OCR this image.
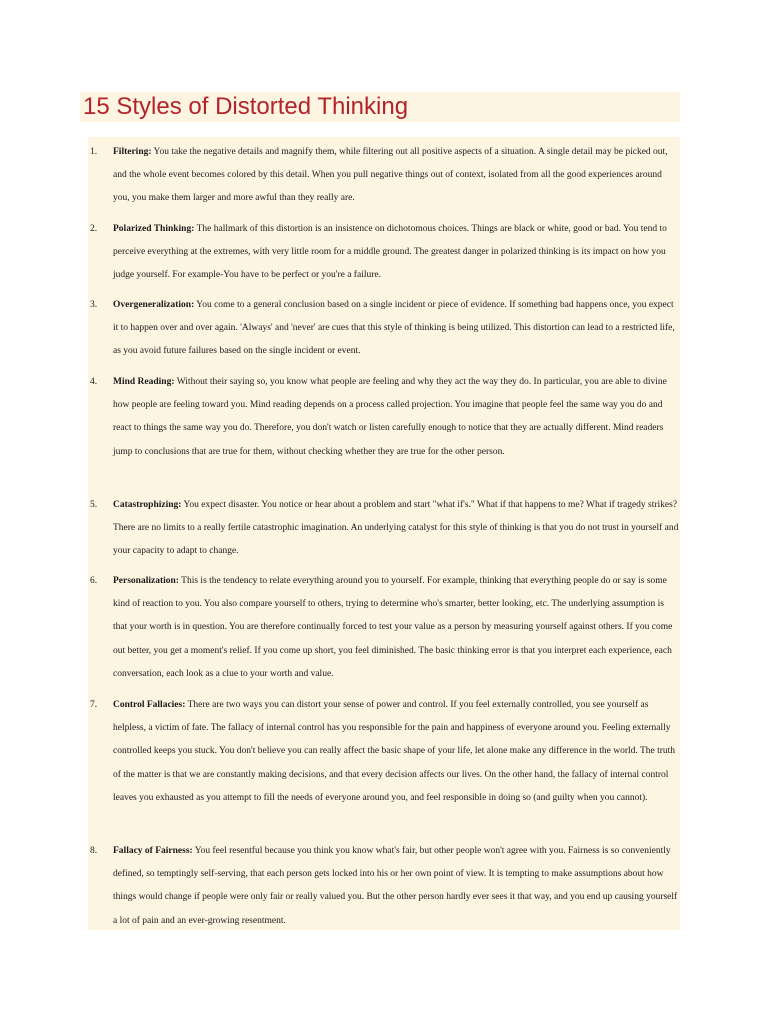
15 Styles of Distorted Thinking
1. Filtering: You take the negative details and magnify them, while filtering out all positive aspects of a situation. A single detail may be picked out, and the whole event becomes colored by this detail. When you pull negative things out of context, isolated from all the good experiences around you, you make them larger and more awful than they really are.
2. Polarized Thinking: The hallmark of this distortion is an insistence on dichotomous choices. Things are black or white, good or bad. You tend to perceive everything at the extremes, with very little room for a middle ground. The greatest danger in polarized thinking is its impact on how you judge yourself. For example-You have to be perfect or you're a failure.
3. Overgeneralization: You come to a general conclusion based on a single incident or piece of evidence. If something bad happens once, you expect it to happen over and over again. 'Always' and 'never' are cues that this style of thinking is being utilized. This distortion can lead to a restricted life, as you avoid future failures based on the single incident or event.
4. Mind Reading: Without their saying so, you know what people are feeling and why they act the way they do. In particular, you are able to divine how people are feeling toward you. Mind reading depends on a process called projection. You imagine that people feel the same way you do and react to things the same way you do. Therefore, you don't watch or listen carefully enough to notice that they are actually different. Mind readers jump to conclusions that are true for them, without checking whether they are true for the other person.
5. Catastrophizing: You expect disaster. You notice or hear about a problem and start "what if's." What if that happens to me? What if tragedy strikes? There are no limits to a really fertile catastrophic imagination. An underlying catalyst for this style of thinking is that you do not trust in yourself and your capacity to adapt to change.
6. Personalization: This is the tendency to relate everything around you to yourself. For example, thinking that everything people do or say is some kind of reaction to you. You also compare yourself to others, trying to determine who's smarter, better looking, etc. The underlying assumption is that your worth is in question. You are therefore continually forced to test your value as a person by measuring yourself against others. If you come out better, you get a moment's relief. If you come up short, you feel diminished. The basic thinking error is that you interpret each experience, each conversation, each look as a clue to your worth and value.
7. Control Fallacies: There are two ways you can distort your sense of power and control. If you feel externally controlled, you see yourself as helpless, a victim of fate. The fallacy of internal control has you responsible for the pain and happiness of everyone around you. Feeling externally controlled keeps you stuck. You don't believe you can really affect the basic shape of your life, let alone make any difference in the world. The truth of the matter is that we are constantly making decisions, and that every decision affects our lives. On the other hand, the fallacy of internal control leaves you exhausted as you attempt to fill the needs of everyone around you, and feel responsible in doing so (and guilty when you cannot).
8. Fallacy of Fairness: You feel resentful because you think you know what's fair, but other people won't agree with you. Fairness is so conveniently defined, so temptingly self-serving, that each person gets locked into his or her own point of view. It is tempting to make assumptions about how things would change if people were only fair or really valued you. But the other person hardly ever sees it that way, and you end up causing yourself a lot of pain and an ever-growing resentment.
